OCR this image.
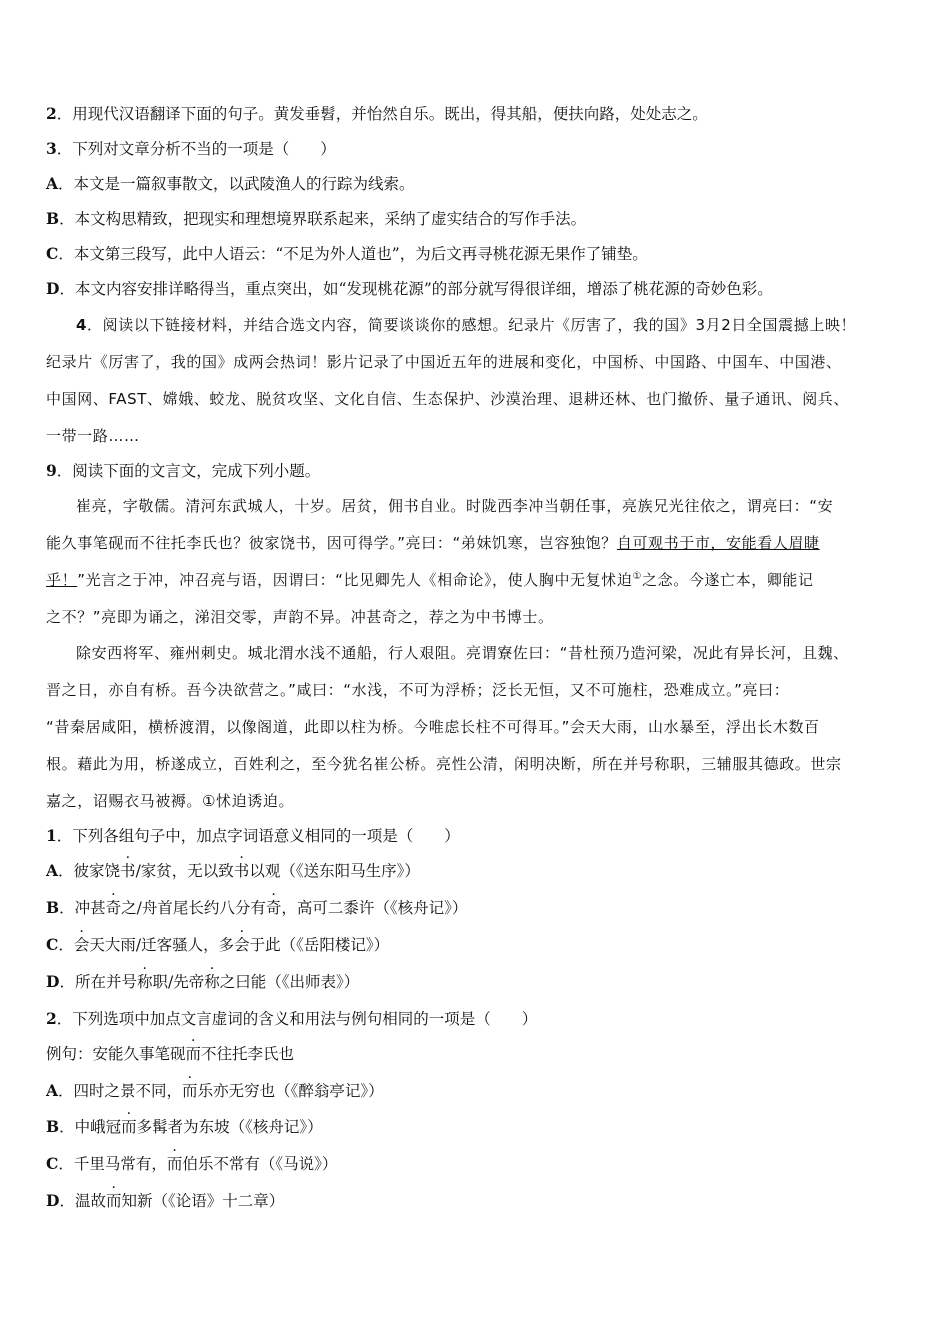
2．用现代汉语翻译下面的句子。黄发垂髫，并怡然自乐。既出，得其船，便扶向路，处处志之。
3．下列对文章分析不当的一项是（　　）
A．本文是一篇叙事散文，以武陵渔人的行踪为线索。
B．本文构思精致，把现实和理想境界联系起来，采纳了虚实结合的写作手法。
C．本文第三段写，此中人语云：“不足为外人道也”，为后文再寻桃花源无果作了铺垫。
D．本文内容安排详略得当，重点突出，如“发现桃花源”的部分就写得很详细，增添了桃花源的奇妙色彩。
4．阅读以下链接材料，并结合选文内容，简要谈谈你的感想。纪录片《厉害了，我的国》3月2日全国震撼上映！
纪录片《厉害了，我的国》成两会热词！影片记录了中国近五年的进展和变化，中国桥、中国路、中国车、中国港、
中国网、FAST、嫦娥、蛟龙、脱贫攻坚、文化自信、生态保护、沙漠治理、退耕还林、也门撤侨、量子通讯、阅兵、
一带一路……
9．阅读下面的文言文，完成下列小题。
崔亮，字敬儒。清河东武城人，十岁。居贫，佣书自业。时陇西李冲当朝任事，亮族兄光往依之，谓亮曰：“安
能久事笔砚而不往托李氏也？彼家饶书，因可得学。”亮曰：“弟妹饥寒，岂容独饱？自可观书于市，安能看人眉睫
乎！”光言之于冲，冲召亮与语，因谓曰：“比见卿先人《相命论》，使人胸中无复怵迫①之念。今遂亡本，卿能记
之不？”亮即为诵之，涕泪交零，声韵不异。冲甚奇之，荐之为中书博士。
除安西将军、雍州刺史。城北渭水浅不通船，行人艰阻。亮谓寮佐曰：“昔杜预乃造河梁，况此有异长河，且魏、
晋之日，亦自有桥。吾今决欲营之。”咸曰：“水浅，不可为浮桥；泛长无恒，又不可施柱，恐难成立。”亮曰：
“昔秦居咸阳，横桥渡渭，以像阁道，此即以柱为桥。今唯虑长柱不可得耳。”会天大雨，山水暴至，浮出长木数百
根。藉此为用，桥遂成立，百姓利之，至今犹名崔公桥。亮性公清，闲明决断，所在并号称职，三辅服其德政。世宗
嘉之，诏赐衣马被褥。①怵迫诱迫。
1．下列各组句子中，加点字词语意义相同的一项是（　　）
A．彼家饶书/家贫，无以致书以观（《送东阳马生序》）
B．冲甚奇之/舟首尾长约八分有奇，高可二黍许（《核舟记》）
C．会天大雨/迁客骚人，多会于此（《岳阳楼记》）
D．所在并号称职/先帝称之曰能（《出师表》）
2．下列选项中加点文言虚词的含义和用法与例句相同的一项是（　　）
例句：安能久事笔砚而不往托李氏也
A．四时之景不同，而乐亦无穷也（《醉翁亭记》）
B．中峨冠而多髯者为东坡（《核舟记》）
C．千里马常有，而伯乐不常有（《马说》）
D．温故而知新（《论语》十二章）
